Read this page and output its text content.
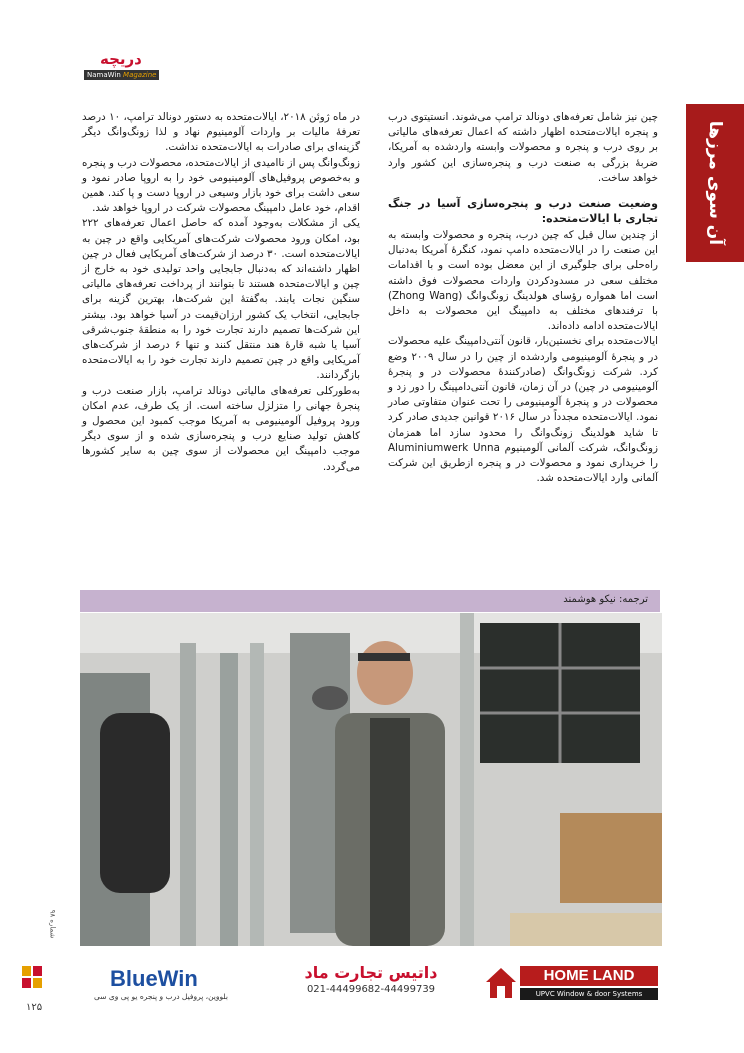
دریچه
NamaWin Magazine
آن سوی مرزها

چین نیز شامل تعرفه‌های دونالد ترامپ می‌شوند. انستیتوی درب و پنجره ایالات‌متحده اظهار داشته که اعمال تعرفه‌های مالیاتی بر روی درب و پنجره و محصولات وابسته واردشده به آمریکا، ضربهٔ بزرگی به صنعت درب و پنجره‌سازی این کشور وارد خواهد ساخت.

وضعیت صنعت درب و پنجره‌سازی آسیا در جنگ تجاری با ایالات‌متحده:

از چندین سال قبل که چین درب، پنجره و محصولات وابسته به این صنعت را در ایالات‌متحده دامپ نمود، کنگرهٔ آمریکا به‌دنبال راه‌حلی برای جلوگیری از این معضل بوده است و با اقدامات مختلف سعی در مسدودکردن واردات محصولات فوق داشته است اما همواره رؤسای هولدینگ زونگ‌وانگ (Zhong Wang) با ترفندهای مختلف به دامپینگ این محصولات به داخل ایالات‌متحده ادامه داده‌اند.

ایالات‌متحده برای نخستین‌بار، قانون آنتی‌دامپینگ علیه محصولات در و پنجرهٔ آلومینیومی واردشده از چین را در سال ۲۰۰۹ وضع کرد. شرکت زونگ‌وانگ (صادرکنندهٔ محصولات در و پنجرهٔ آلومینیومی در چین) در آن زمان، قانون آنتی‌دامپینگ را دور زد و محصولات در و پنجرهٔ آلومینیومی را تحت عنوان متفاوتی صادر نمود. ایالات‌متحده مجدداً در سال ۲۰۱۶ قوانین جدیدی صادر کرد تا شاید هولدینگ زونگ‌وانگ را محدود سازد اما همزمان زونگ‌وانگ، شرکت آلمانی آلومینیوم Aluminiumwerk Unna را خریداری نمود و محصولات در و پنجره ازطریق این شرکت آلمانی وارد ایالات‌متحده شد.

در ماه ژوئن ۲۰۱۸، ایالات‌متحده به دستور دونالد ترامپ، ۱۰ درصد تعرفهٔ مالیات بر واردات آلومینیوم نهاد و لذا زونگ‌وانگ دیگر گزینه‌ای برای صادرات به ایالات‌متحده نداشت.

زونگ‌وانگ پس از ناامیدی از ایالات‌متحده، محصولات درب و پنجره و به‌خصوص پروفیل‌های آلومینیومی خود را به اروپا صادر نمود و سعی داشت برای خود بازار وسیعی در اروپا دست و پا کند. همین اقدام، خود عامل دامپینگ محصولات شرکت در اروپا خواهد شد.

یکی از مشکلات به‌وجود آمده که حاصل اعمال تعرفه‌های ۲۲۲ بود، امکان ورود محصولات شرکت‌های آمریکایی واقع در چین به ایالات‌متحده است. ۳۰ درصد از شرکت‌های آمریکایی فعال در چین اظهار داشته‌اند که به‌دنبال جابجایی واحد تولیدی خود به خارج از چین و ایالات‌متحده هستند تا بتوانند از پرداخت تعرفه‌های مالیاتی سنگین نجات یابند. به‌گفتهٔ این شرکت‌ها، بهترین گزینه برای جابجایی، انتخاب یک کشور ارزان‌قیمت در آسیا خواهد بود. بیشتر این شرکت‌ها تصمیم دارند تجارت خود را به منطقهٔ جنوب‌شرقی آسیا یا شبه قارهٔ هند منتقل کنند و تنها ۶ درصد از شرکت‌های آمریکایی واقع در چین تصمیم دارند تجارت خود را به ایالات‌متحده بازگردانند.

به‌طورکلی تعرفه‌های مالیاتی دونالد ترامپ، بازار صنعت درب و پنجرهٔ جهانی را متزلزل ساخته است. از یک طرف، عدم امکان ورود پروفیل آلومینیومی به آمریکا موجب کمبود این محصول و کاهش تولید صنایع درب و پنجره‌سازی شده و از سوی دیگر موجب دامپینگ این محصولات از سوی چین به سایر کشورها می‌گردد.

ترجمه: نیکو هوشمند
شماره ۹۸
۱۲۵
BlueWin
بلووین، پروفیل درب و پنجره یو پی وی سی
داتیس تجارت ماد
021-44499682-44499739
HOME LAND
UPVC Window & door Systems
